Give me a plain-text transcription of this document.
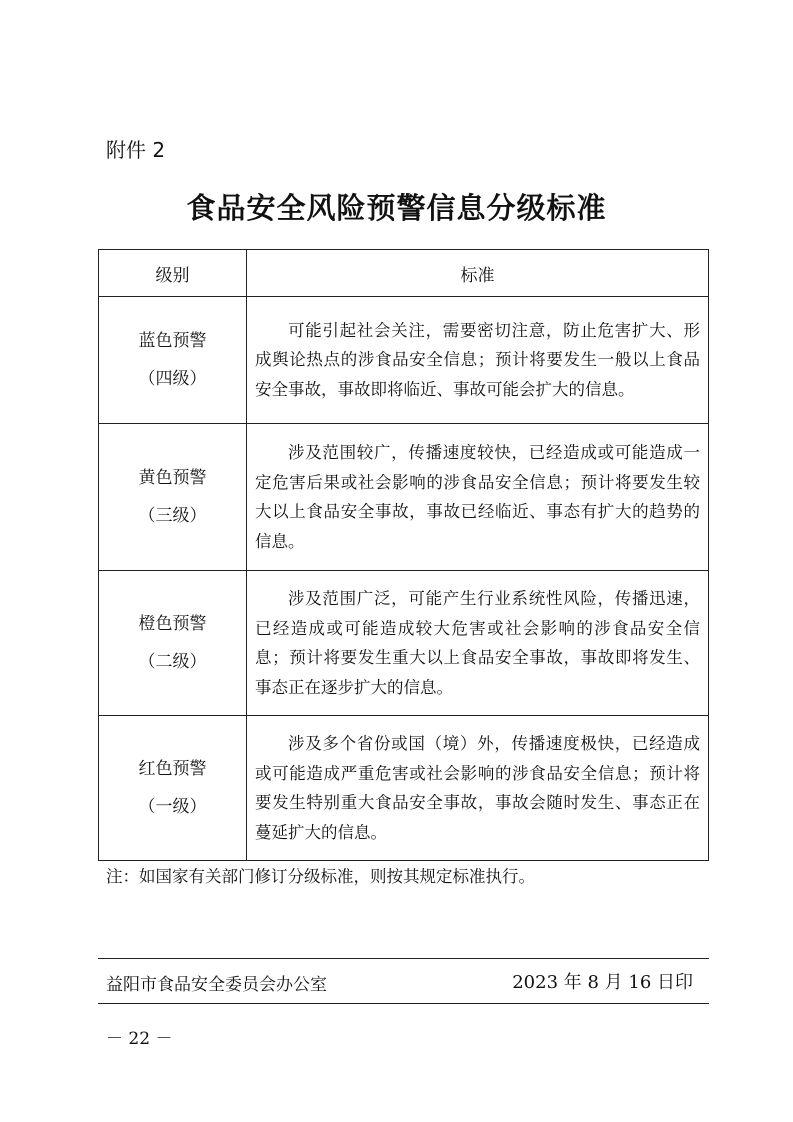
附件 2
食品安全风险预警信息分级标准
级别	标准

蓝色预警
（四级）	可能引起社会关注，需要密切注意，防止危害扩大、形成舆论热点的涉食品安全信息；预计将要发生一般以上食品安全事故，事故即将临近、事故可能会扩大的信息。

黄色预警
（三级）	涉及范围较广，传播速度较快，已经造成或可能造成一定危害后果或社会影响的涉食品安全信息；预计将要发生较大以上食品安全事故，事故已经临近、事态有扩大的趋势的信息。

橙色预警
（二级）	涉及范围广泛，可能产生行业系统性风险，传播迅速，已经造成或可能造成较大危害或社会影响的涉食品安全信息；预计将要发生重大以上食品安全事故，事故即将发生、事态正在逐步扩大的信息。

红色预警
（一级）	涉及多个省份或国（境）外，传播速度极快，已经造成或可能造成严重危害或社会影响的涉食品安全信息；预计将要发生特别重大食品安全事故，事故会随时发生、事态正在蔓延扩大的信息。
注：如国家有关部门修订分级标准，则按其规定标准执行。
益阳市食品安全委员会办公室	2023 年 8 月 16 日印
－ 22 －
